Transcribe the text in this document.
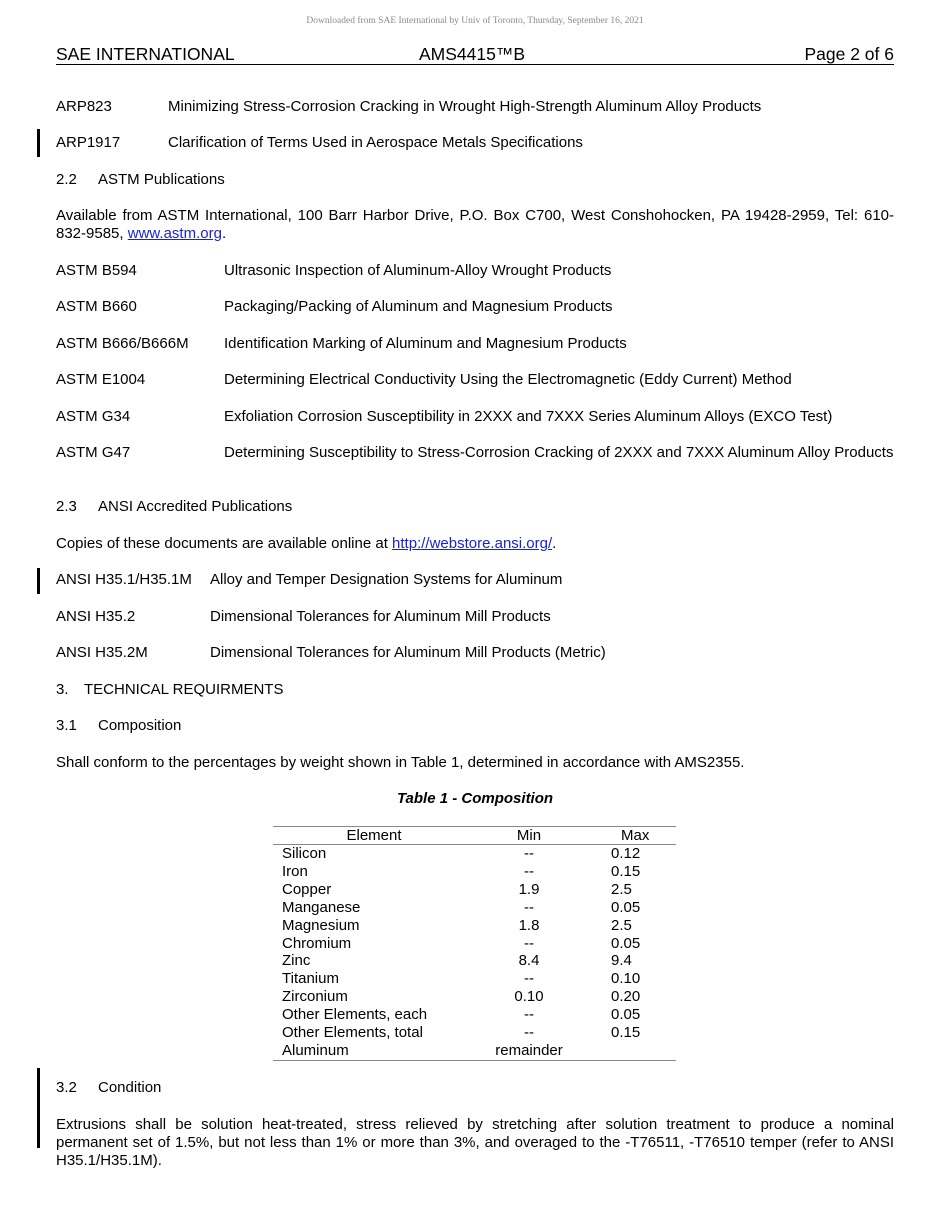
Downloaded from SAE International by Univ of Toronto, Thursday, September 16, 2021
SAE INTERNATIONAL	AMS4415™B	Page 2 of 6
ARP823	Minimizing Stress-Corrosion Cracking in Wrought High-Strength Aluminum Alloy Products
ARP1917	Clarification of Terms Used in Aerospace Metals Specifications
2.2 ASTM Publications
Available from ASTM International, 100 Barr Harbor Drive, P.O. Box C700, West Conshohocken, PA 19428-2959, Tel: 610-832-9585, www.astm.org.
ASTM B594	Ultrasonic Inspection of Aluminum-Alloy Wrought Products
ASTM B660	Packaging/Packing of Aluminum and Magnesium Products
ASTM B666/B666M Identification Marking of Aluminum and Magnesium Products
ASTM E1004	Determining Electrical Conductivity Using the Electromagnetic (Eddy Current) Method
ASTM G34	Exfoliation Corrosion Susceptibility in 2XXX and 7XXX Series Aluminum Alloys (EXCO Test)
ASTM G47	Determining Susceptibility to Stress-Corrosion Cracking of 2XXX and 7XXX Aluminum Alloy Products
2.3 ANSI Accredited Publications
Copies of these documents are available online at http://webstore.ansi.org/.
ANSI H35.1/H35.1M Alloy and Temper Designation Systems for Aluminum
ANSI H35.2	Dimensional Tolerances for Aluminum Mill Products
ANSI H35.2M	Dimensional Tolerances for Aluminum Mill Products (Metric)
3. TECHNICAL REQUIRMENTS
3.1 Composition
Shall conform to the percentages by weight shown in Table 1, determined in accordance with AMS2355.
Table 1 - Composition
Element	Min	Max
Silicon	--	0.12
Iron	--	0.15
Copper	1.9	2.5
Manganese	--	0.05
Magnesium	1.8	2.5
Chromium	--	0.05
Zinc	8.4	9.4
Titanium	--	0.10
Zirconium	0.10	0.20
Other Elements, each	--	0.05
Other Elements, total	--	0.15
Aluminum	remainder	
3.2 Condition
Extrusions shall be solution heat-treated, stress relieved by stretching after solution treatment to produce a nominal permanent set of 1.5%, but not less than 1% or more than 3%, and overaged to the -T76511, -T76510 temper (refer to ANSI H35.1/H35.1M).
